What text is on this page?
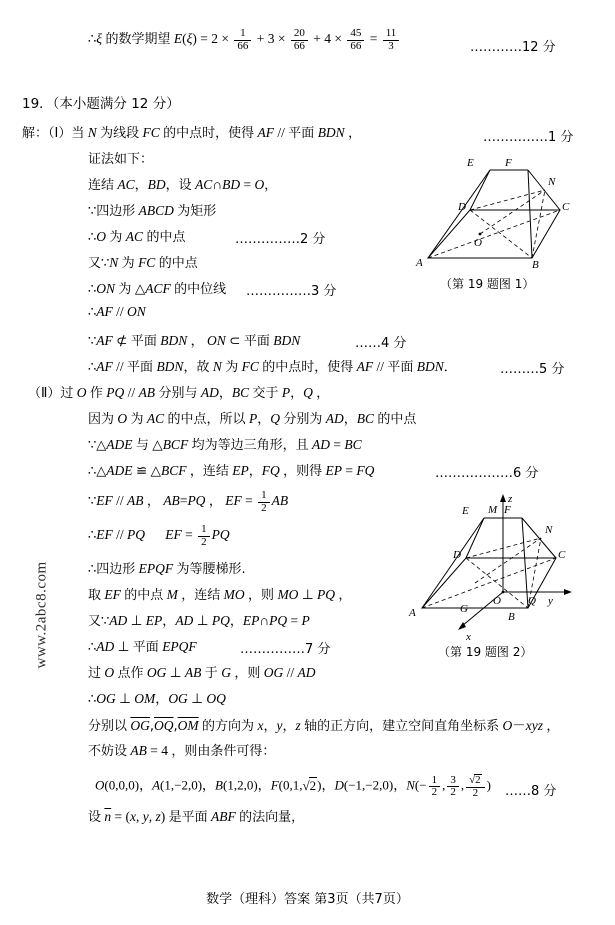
www.2abc8.com
∴ξ 的数学期望 $E(\xi) = 2 \times \frac{1}{66} + 3 \times \frac{20}{66} + 4 \times \frac{45}{66} = \frac{11}{3}$	…………12 分
19．（本小题满分 12 分）
解：（Ⅰ）当 N 为线段 FC 的中点时，使得 AF // 平面 BDN ，	……………1 分
证法如下：
连结 AC，BD，设 AC∩BD = O，
∵四边形 ABCD 为矩形
∴O 为 AC 的中点	……………2 分
又∵N 为 FC 的中点
∴ON 为 △ACF 的中位线 ……………3 分
∴AF // ON
∵AF ⊄ 平面 BDN ， ON ⊂ 平面 BDN	……4 分
∴AF // 平面 BDN，故 N 为 FC 的中点时，使得 AF // 平面 BDN．	………5 分
（Ⅱ）过 O 作 PQ // AB 分别与 AD，BC 交于 P，Q ，
因为 O 为 AC 的中点，所以 P，Q 分别为 AD，BC 的中点
∵△ADE 与 △BCF 均为等边三角形，且 AD = BC
∴△ADE ≌ △BCF ，连结 EP，FQ ，则得 EP = FQ	………………6 分
∵EF // AB ， AB=PQ ， EF = $\frac{1}{2}$ AB
∴EF // PQ EF = $\frac{1}{2}$ PQ
∴四边形 EPQF 为等腰梯形.
取 EF 的中点 M ，连结 MO ，则 MO ⊥ PQ ，
又∵AD ⊥ EP，AD ⊥ PQ，EP∩PQ = P
∴AD ⊥ 平面 EPQF	……………7 分
过 O 点作 OG ⊥ AB 于 G ，则 OG // AD
∴OG ⊥ OM，OG ⊥ OQ
分别以 $\overline{OG},\overline{OQ},\overline{OM}$ 的方向为 x，y，z 轴的正方向，建立空间直角坐标系 O－xyz ，
不妨设 AB = 4 ，则由条件可得：
O(0,0,0)，A(1,−2,0)，B(1,2,0)，F(0,1,√2)，D(−1,−2,0)，$N(- \frac{1}{2}$ , $\frac{3}{2}$ , $\frac{√2}{2}$ ) ……8 分
设 $\overline{n} = (x$, y, z) 是平面 ABF 的法向量，
E	F
N
D	C
A
O
B
（第 19 题图 1）
z
E M F
N
D	C
A
O Q y
G
B
x
（第 19 题图 2）
数学（理科）答案 第3页（共7页）
